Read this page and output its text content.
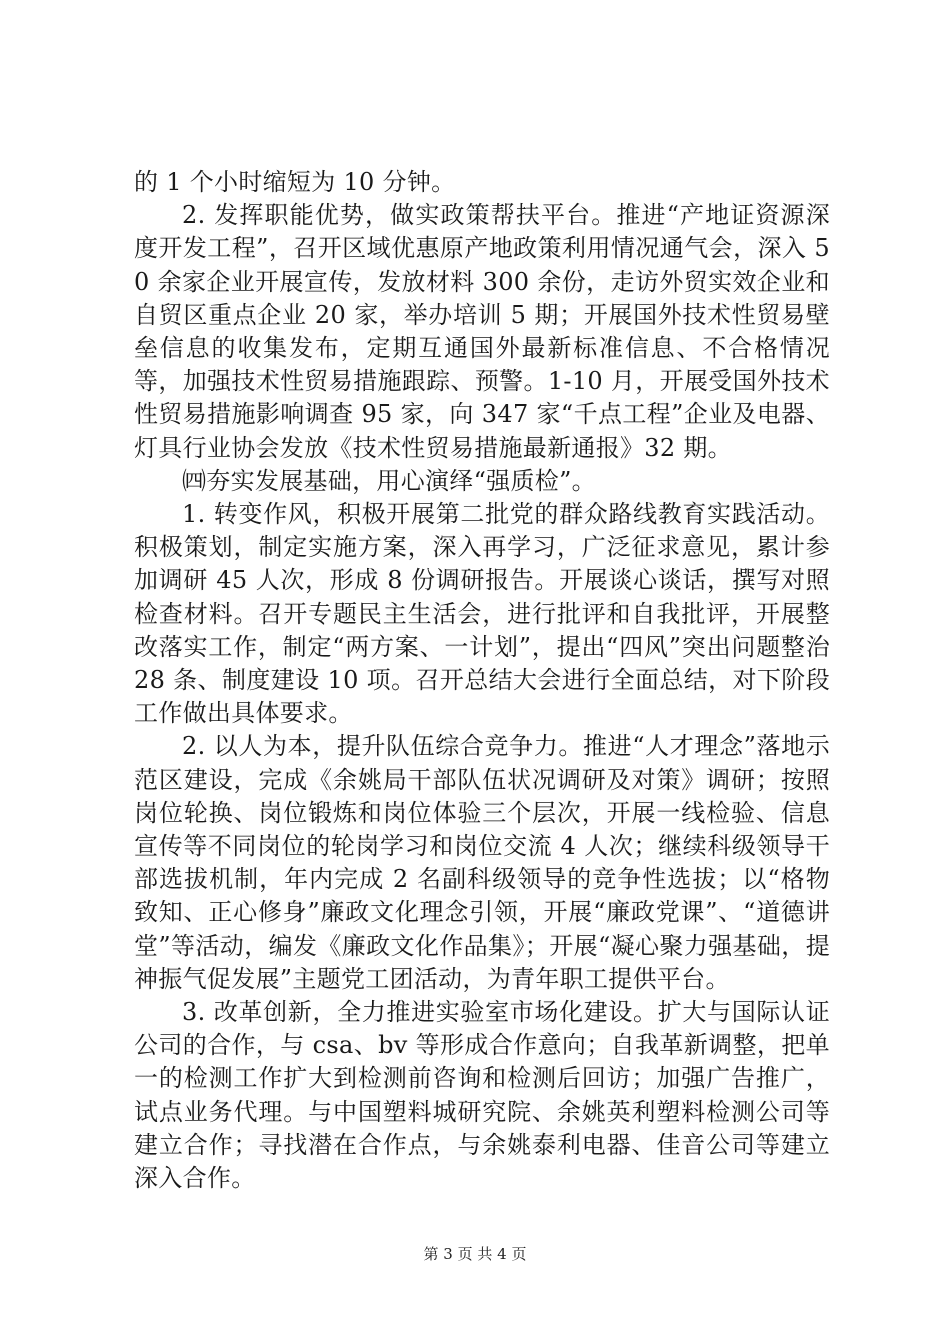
的 1 个小时缩短为 10 分钟。

2. 发挥职能优势，做实政策帮扶平台。推进“产地证资源深度开发工程”，召开区域优惠原产地政策利用情况通气会，深入 50 余家企业开展宣传，发放材料 300 余份，走访外贸实效企业和自贸区重点企业 20 家，举办培训 5 期；开展国外技术性贸易壁垒信息的收集发布，定期互通国外最新标准信息、不合格情况等，加强技术性贸易措施跟踪、预警。1-10 月，开展受国外技术性贸易措施影响调查 95 家，向 347 家“千点工程”企业及电器、灯具行业协会发放《技术性贸易措施最新通报》32 期。

㈣夯实发展基础，用心演绎“强质检”。

1. 转变作风，积极开展第二批党的群众路线教育实践活动。积极策划，制定实施方案，深入再学习，广泛征求意见，累计参加调研 45 人次，形成 8 份调研报告。开展谈心谈话，撰写对照检查材料。召开专题民主生活会，进行批评和自我批评，开展整改落实工作，制定“两方案、一计划”，提出“四风”突出问题整治 28 条、制度建设 10 项。召开总结大会进行全面总结，对下阶段工作做出具体要求。

2. 以人为本，提升队伍综合竞争力。推进“人才理念”落地示范区建设，完成《余姚局干部队伍状况调研及对策》调研；按照岗位轮换、岗位锻炼和岗位体验三个层次，开展一线检验、信息宣传等不同岗位的轮岗学习和岗位交流 4 人次；继续科级领导干部选拔机制，年内完成 2 名副科级领导的竞争性选拔；以“格物致知、正心修身”廉政文化理念引领，开展“廉政党课”、“道德讲堂”等活动，编发《廉政文化作品集》；开展“凝心聚力强基础，提神振气促发展”主题党工团活动，为青年职工提供平台。

3. 改革创新，全力推进实验室市场化建设。扩大与国际认证公司的合作，与 csa、bv 等形成合作意向；自我革新调整，把单一的检测工作扩大到检测前咨询和检测后回访；加强广告推广，试点业务代理。与中国塑料城研究院、余姚英利塑料检测公司等建立合作；寻找潜在合作点，与余姚泰利电器、佳音公司等建立深入合作。

第 3 页 共 4 页
